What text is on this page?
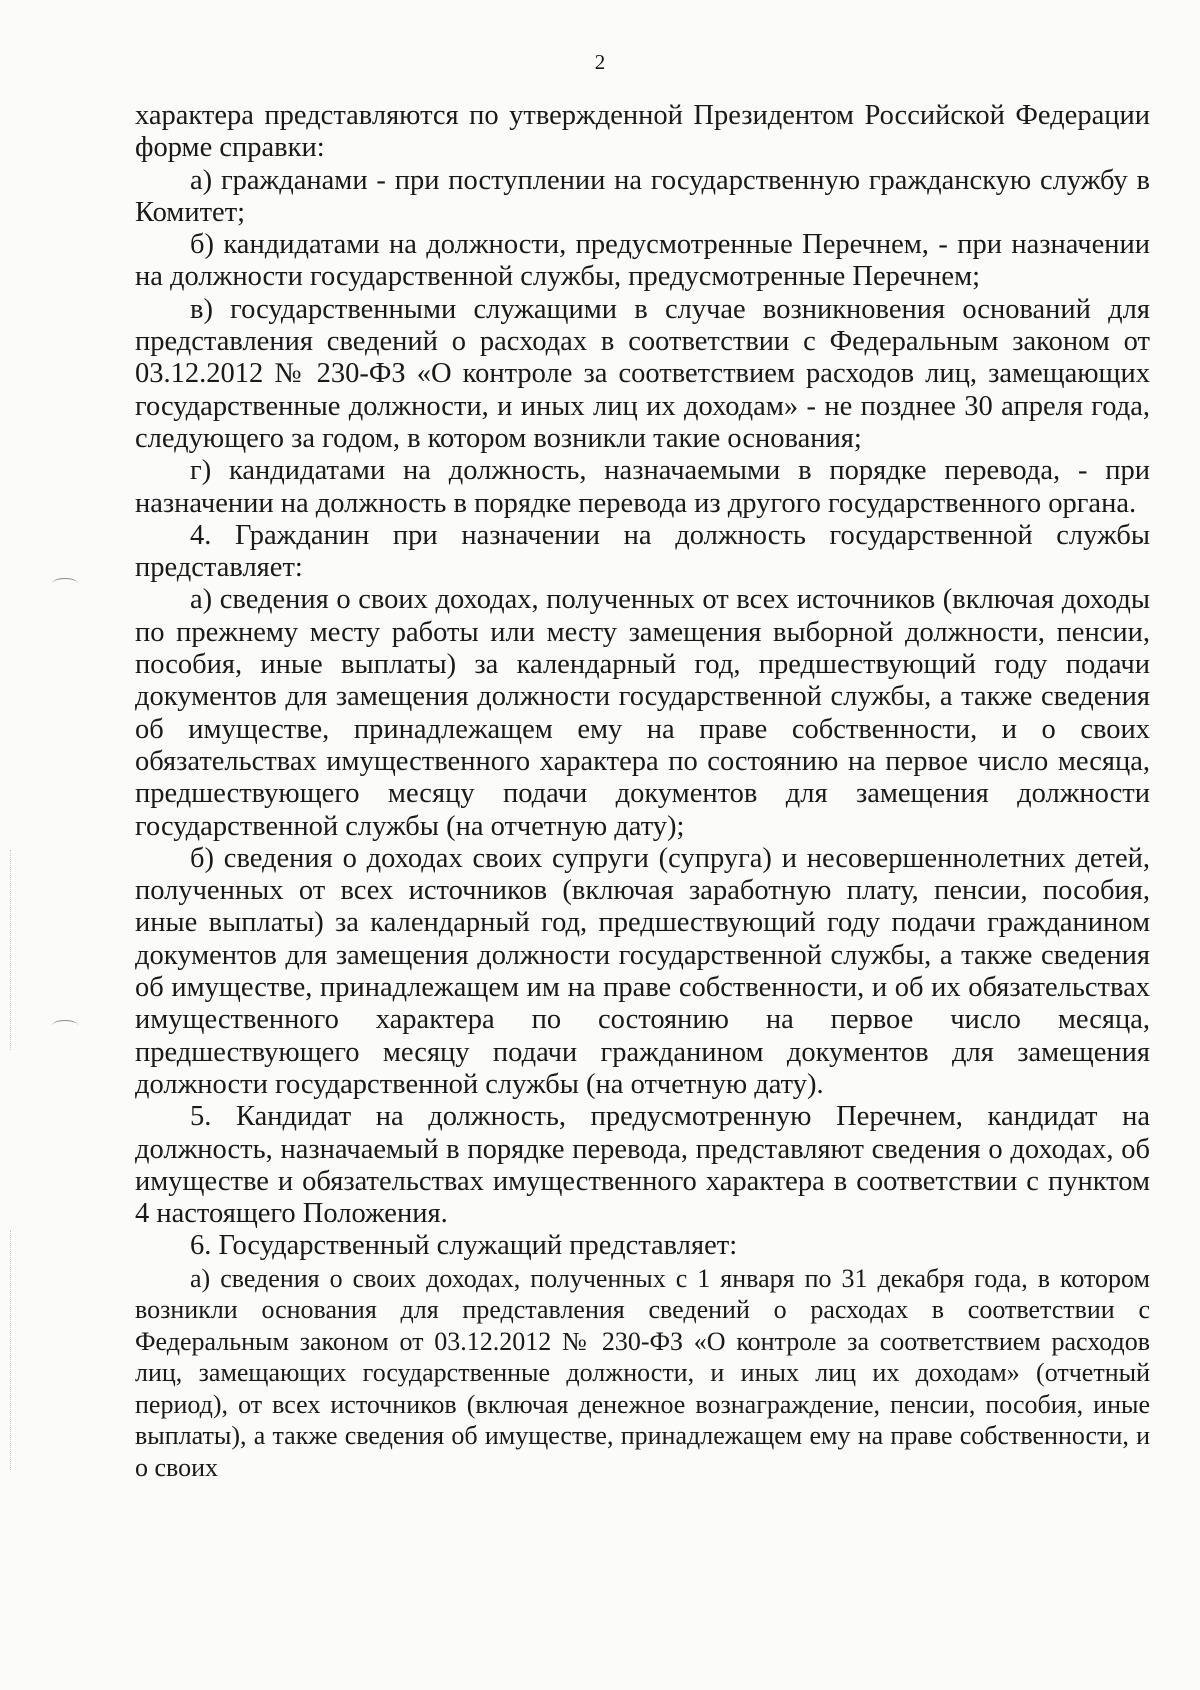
2

характера представляются по утвержденной Президентом Российской Федерации форме справки:

а) гражданами - при поступлении на государственную гражданскую службу в Комитет;

б) кандидатами на должности, предусмотренные Перечнем, - при назначении на должности государственной службы, предусмотренные Перечнем;

в) государственными служащими в случае возникновения оснований для представления сведений о расходах в соответствии с Федеральным законом от 03.12.2012 № 230-ФЗ «О контроле за соответствием расходов лиц, замещающих государственные должности, и иных лиц их доходам» - не позднее 30 апреля года, следующего за годом, в котором возникли такие основания;

г) кандидатами на должность, назначаемыми в порядке перевода, - при назначении на должность в порядке перевода из другого государственного органа.

4. Гражданин при назначении на должность государственной службы представляет:

а) сведения о своих доходах, полученных от всех источников (включая доходы по прежнему месту работы или месту замещения выборной должности, пенсии, пособия, иные выплаты) за календарный год, предшествующий году подачи документов для замещения должности государственной службы, а также сведения об имуществе, принадлежащем ему на праве собственности, и о своих обязательствах имущественного характера по состоянию на первое число месяца, предшествующего месяцу подачи документов для замещения должности государственной службы (на отчетную дату);

б) сведения о доходах своих супруги (супруга) и несовершеннолетних детей, полученных от всех источников (включая заработную плату, пенсии, пособия, иные выплаты) за календарный год, предшествующий году подачи гражданином документов для замещения должности государственной службы, а также сведения об имуществе, принадлежащем им на праве собственности, и об их обязательствах имущественного характера по состоянию на первое число месяца, предшествующего месяцу подачи гражданином документов для замещения должности государственной службы (на отчетную дату).

5. Кандидат на должность, предусмотренную Перечнем, кандидат на должность, назначаемый в порядке перевода, представляют сведения о доходах, об имуществе и обязательствах имущественного характера в соответствии с пунктом 4 настоящего Положения.

6. Государственный служащий представляет:

а) сведения о своих доходах, полученных с 1 января по 31 декабря года, в котором возникли основания для представления сведений о расходах в соответствии с Федеральным законом от 03.12.2012 № 230-ФЗ «О контроле за соответствием расходов лиц, замещающих государственные должности, и иных лиц их доходам» (отчетный период), от всех источников (включая денежное вознаграждение, пенсии, пособия, иные выплаты), а также сведения об имуществе, принадлежащем ему на праве собственности, и о своих
